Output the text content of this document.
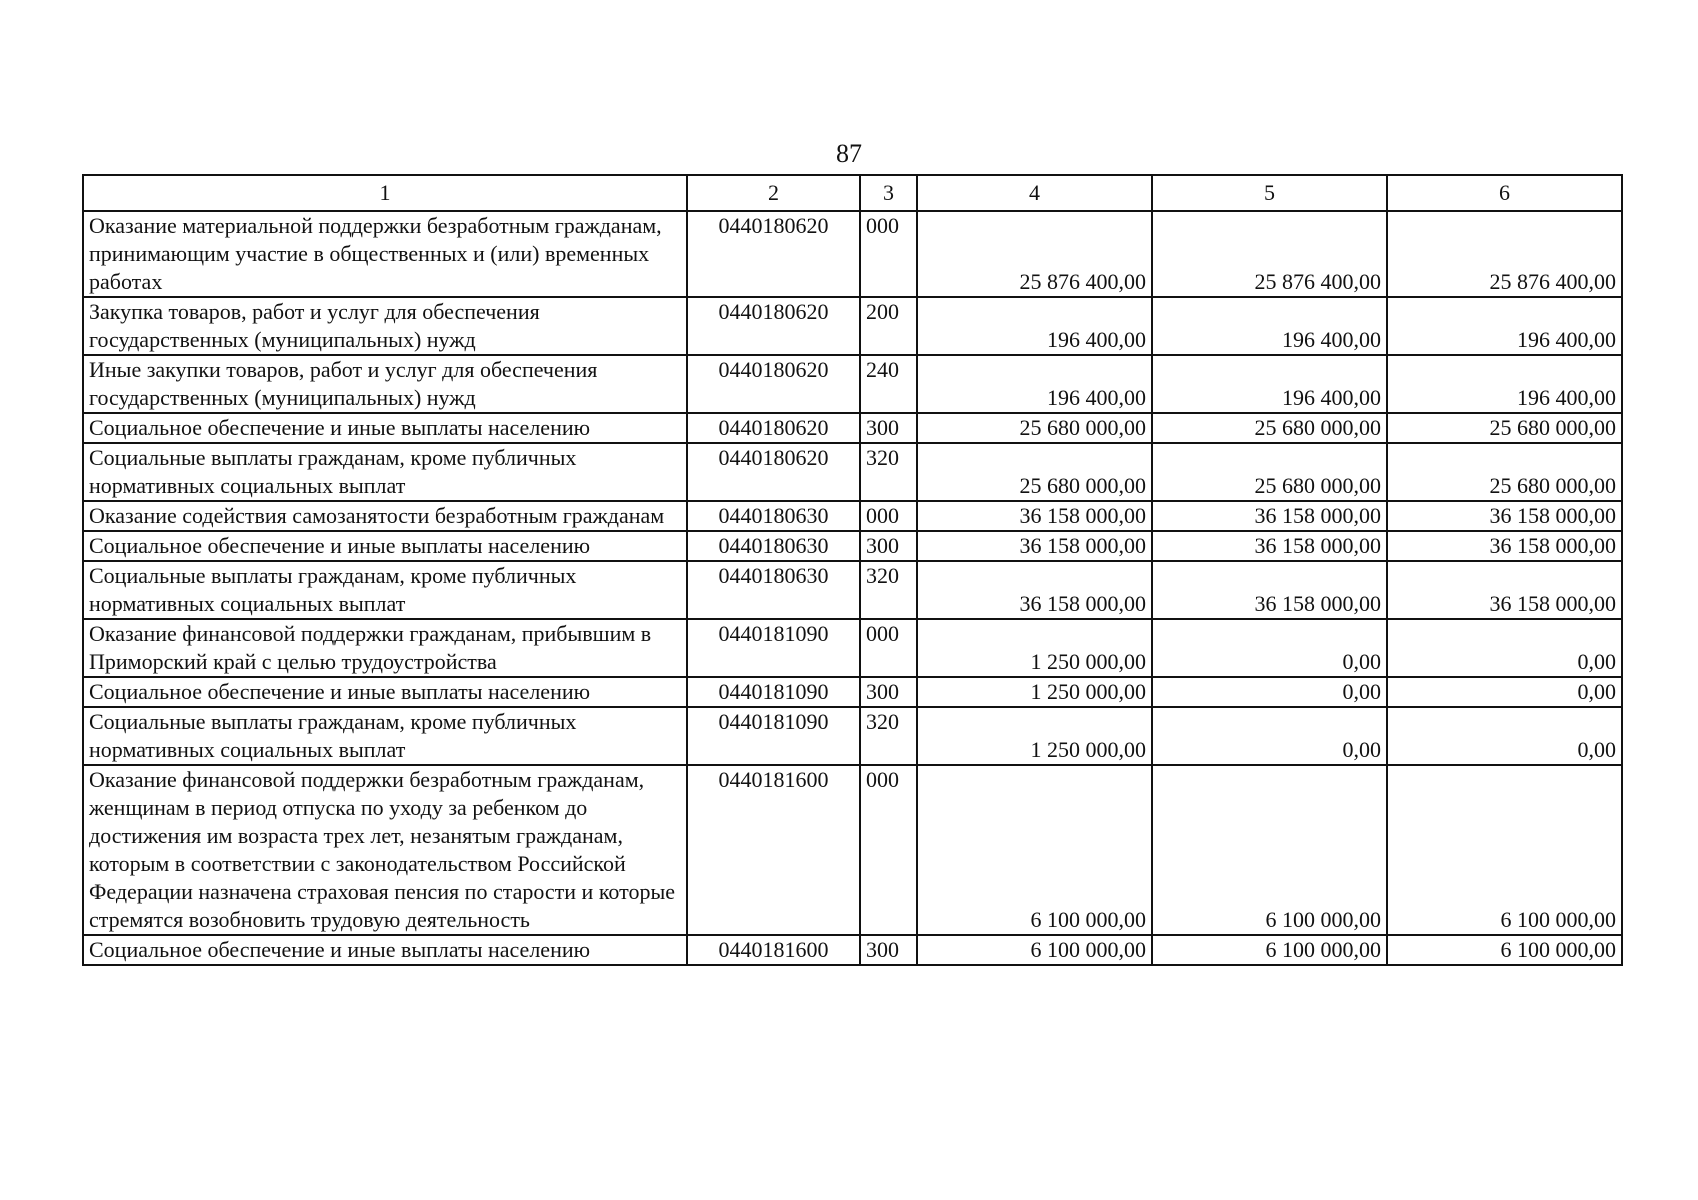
87
1	2	3	4	5	6
Оказание материальной поддержки безработным гражданам, принимающим участие в общественных и (или) временных работах	0440180620	000	25 876 400,00	25 876 400,00	25 876 400,00
Закупка товаров, работ и услуг для обеспечения государственных (муниципальных) нужд	0440180620	200	196 400,00	196 400,00	196 400,00
Иные закупки товаров, работ и услуг для обеспечения государственных (муниципальных) нужд	0440180620	240	196 400,00	196 400,00	196 400,00
Социальное обеспечение и иные выплаты населению	0440180620	300	25 680 000,00	25 680 000,00	25 680 000,00
Социальные выплаты гражданам, кроме публичных нормативных социальных выплат	0440180620	320	25 680 000,00	25 680 000,00	25 680 000,00
Оказание содействия самозанятости безработным гражданам	0440180630	000	36 158 000,00	36 158 000,00	36 158 000,00
Социальное обеспечение и иные выплаты населению	0440180630	300	36 158 000,00	36 158 000,00	36 158 000,00
Социальные выплаты гражданам, кроме публичных нормативных социальных выплат	0440180630	320	36 158 000,00	36 158 000,00	36 158 000,00
Оказание финансовой поддержки гражданам, прибывшим в Приморский край с целью трудоустройства	0440181090	000	1 250 000,00	0,00	0,00
Социальное обеспечение и иные выплаты населению	0440181090	300	1 250 000,00	0,00	0,00
Социальные выплаты гражданам, кроме публичных нормативных социальных выплат	0440181090	320	1 250 000,00	0,00	0,00
Оказание финансовой поддержки безработным гражданам, женщинам в период отпуска по уходу за ребенком до достижения им возраста трех лет, незанятым гражданам, которым в соответствии с законодательством Российской Федерации назначена страховая пенсия по старости и которые стремятся возобновить трудовую деятельность	0440181600	000	6 100 000,00	6 100 000,00	6 100 000,00
Социальное обеспечение и иные выплаты населению	0440181600	300	6 100 000,00	6 100 000,00	6 100 000,00
